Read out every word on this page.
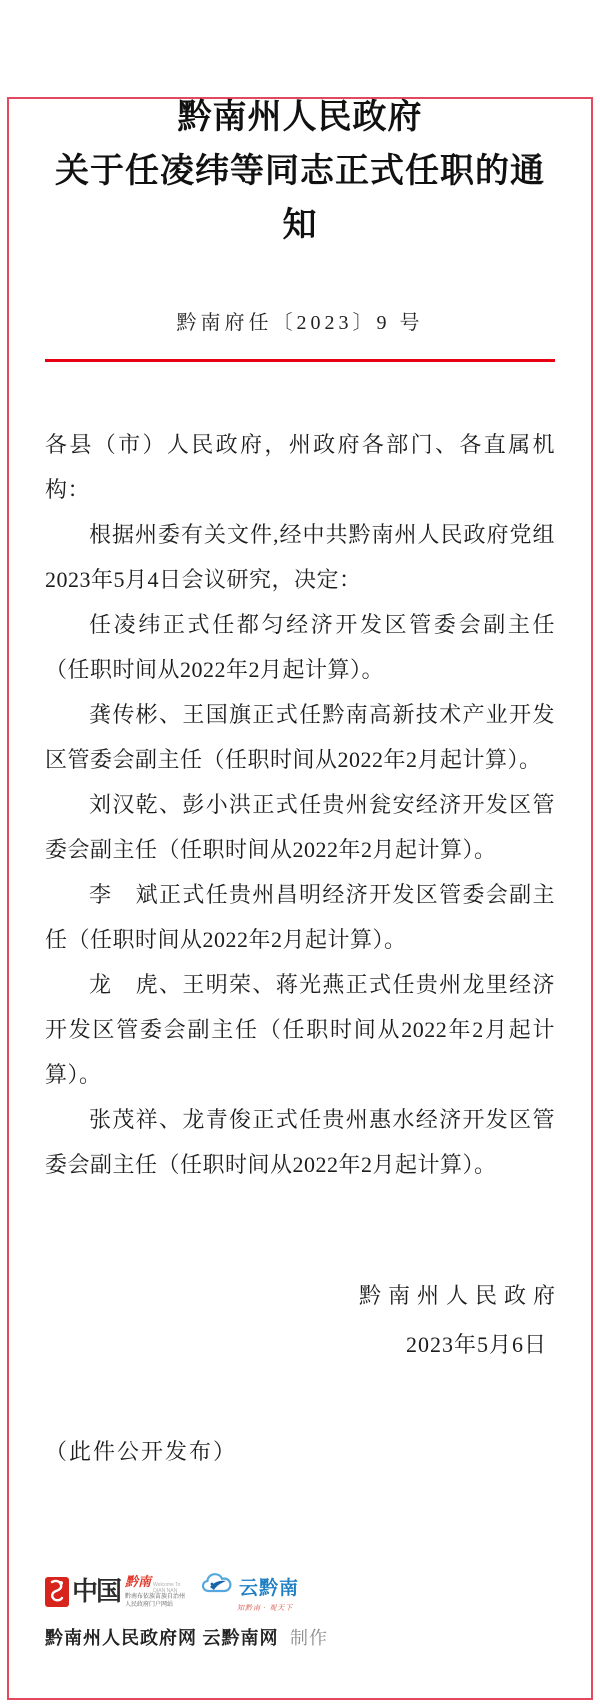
黔南州人民政府
关于任凌纬等同志正式任职的通知
黔南府任〔2023〕9 号

各县（市）人民政府，州政府各部门、各直属机构：

根据州委有关文件,经中共黔南州人民政府党组2023年5月4日会议研究，决定：

任凌纬正式任都匀经济开发区管委会副主任（任职时间从2022年2月起计算）。

龚传彬、王国旗正式任黔南高新技术产业开发区管委会副主任（任职时间从2022年2月起计算）。

刘汉乾、彭小洪正式任贵州瓮安经济开发区管委会副主任（任职时间从2022年2月起计算）。

李　斌正式任贵州昌明经济开发区管委会副主任（任职时间从2022年2月起计算）。

龙　虎、王明荣、蒋光燕正式任贵州龙里经济开发区管委会副主任（任职时间从2022年2月起计算）。

张茂祥、龙青俊正式任贵州惠水经济开发区管委会副主任（任职时间从2022年2月起计算）。

黔南州人民政府
2023年5月6日
（此件公开发布）
中国 黔南 Welcome To
QIAN NAN
黔南布依族苗族自治州
人民政府门户网站
云黔南
知黔南 · 观天下
黔南州人民政府网 云黔南网 制作
